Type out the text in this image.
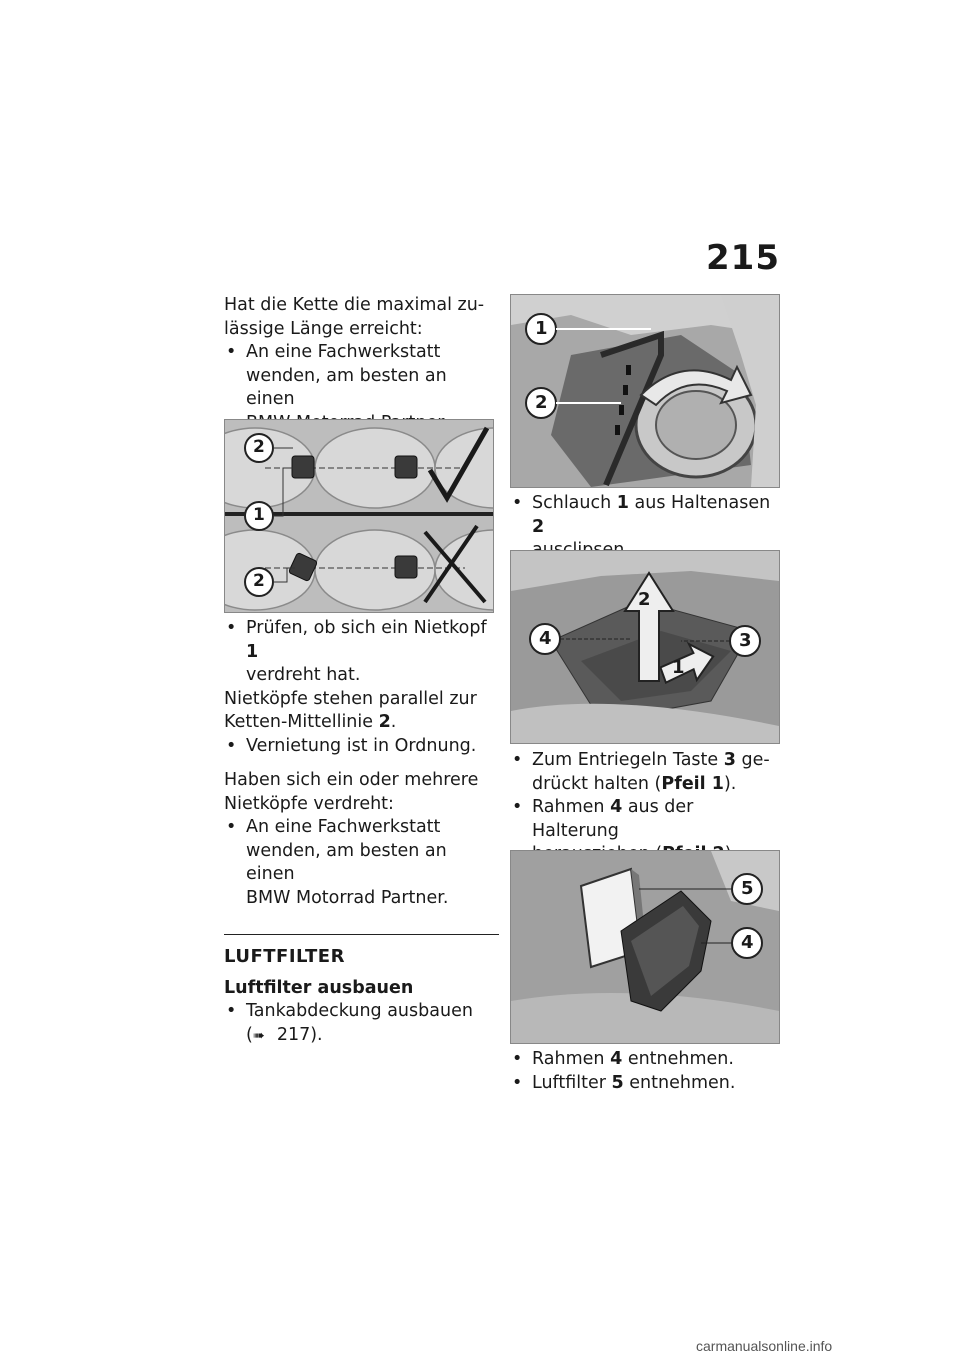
215

Hat die Kette die maximal zu-

lässige Länge erreicht:

• An eine Fachwerkstatt
wenden, am besten an einen
2
1
2
• Prüfen, ob sich ein Nietkopf 1
verdreht hat.

Nietköpfe stehen parallel zur

Ketten-Mittellinie 2.

• Vernietung ist in Ordnung.

Haben sich ein oder mehrere

Nietköpfe verdreht:

• An eine Fachwerkstatt
wenden, am besten an einen
BMW Motorrad Partner.
LUFTFILTER
Luftfilter ausbauen
• Tankabdeckung ausbauen
(➠ 217).
1
2
• Schlauch 1 aus Haltenasen 2
2
4	3
1
• Zum Entriegeln Taste 3 ge-
drückt halten (Pfeil 1).
• Rahmen 4 aus der Halterung
5
4
• Rahmen 4 entnehmen.
• Luftfilter 5 entnehmen.
carmanualsonline.info
